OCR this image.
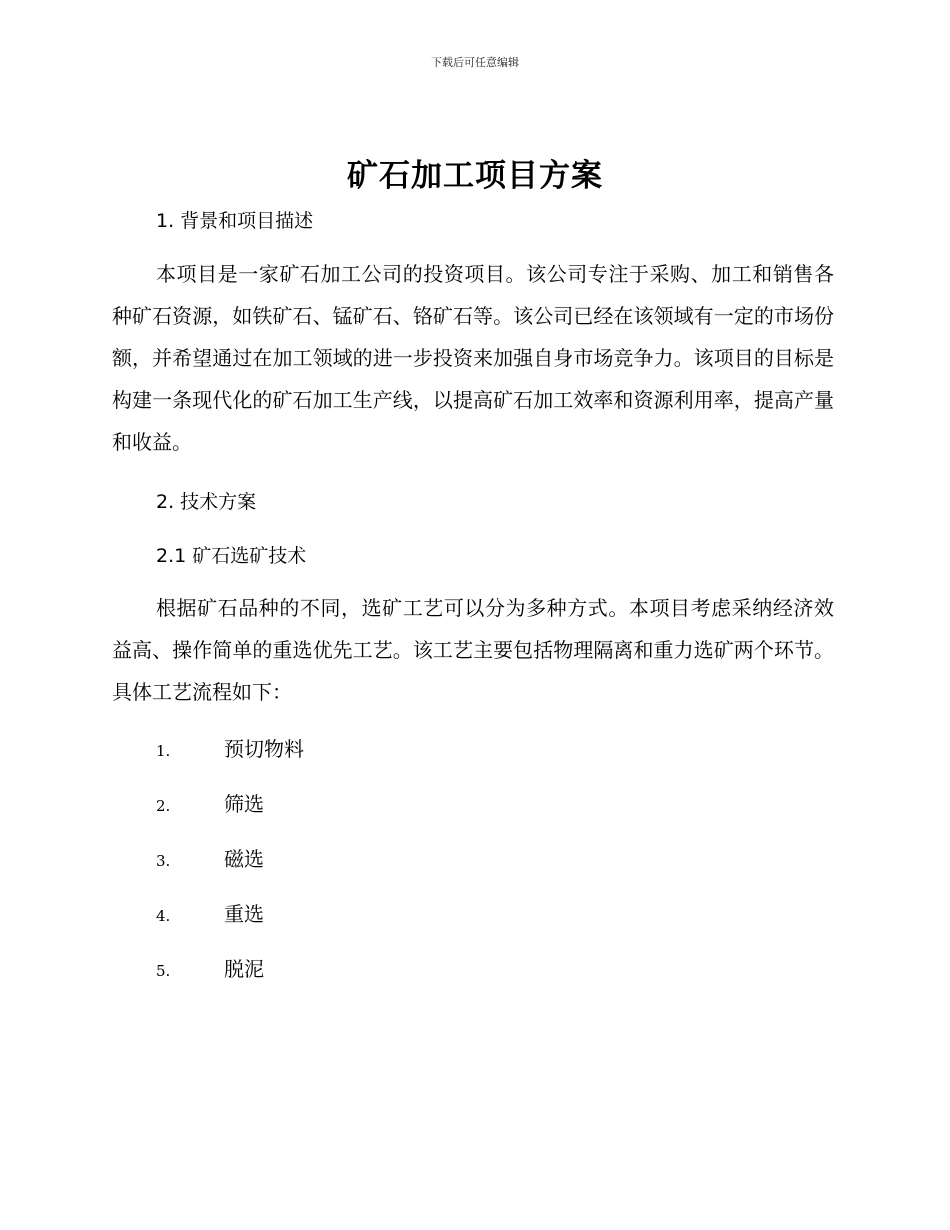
下载后可任意编辑
矿石加工项目方案
1. 背景和项目描述

本项目是一家矿石加工公司的投资项目。该公司专注于采购、加工和销售各种矿石资源，如铁矿石、锰矿石、铬矿石等。该公司已经在该领域有一定的市场份额，并希望通过在加工领域的进一步投资来加强自身市场竞争力。该项目的目标是构建一条现代化的矿石加工生产线，以提高矿石加工效率和资源利用率，提高产量和收益。

2. 技术方案
2.1 矿石选矿技术

根据矿石品种的不同，选矿工艺可以分为多种方式。本项目考虑采纳经济效益高、操作简单的重选优先工艺。该工艺主要包括物理隔离和重力选矿两个环节。具体工艺流程如下：

1.	预切物料
2.	筛选
3.	磁选
4.	重选
5.	脱泥
